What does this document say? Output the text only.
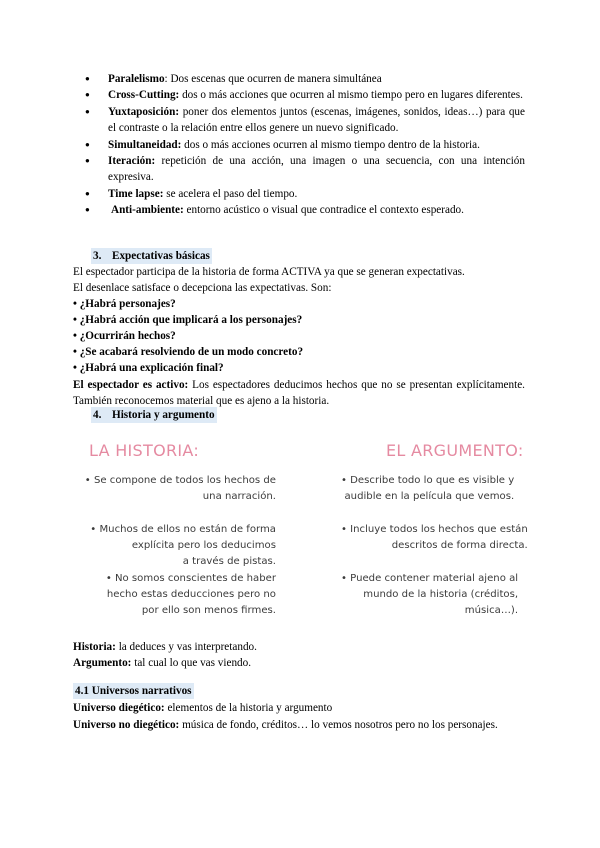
● Paralelismo: Dos escenas que ocurren de manera simultánea
● Cross-Cutting: dos o más acciones que ocurren al mismo tiempo pero en lugares diferentes.
● Yuxtaposición: poner dos elementos juntos (escenas, imágenes, sonidos, ideas…) para que el contraste o la relación entre ellos genere un nuevo significado.
● Simultaneidad: dos o más acciones ocurren al mismo tiempo dentro de la historia.
● Iteración: repetición de una acción, una imagen o una secuencia, con una intención expresiva.
● Time lapse: se acelera el paso del tiempo.
● Anti-ambiente: entorno acústico o visual que contradice el contexto esperado.
3. Expectativas básicas
El espectador participa de la historia de forma ACTIVA ya que se generan expectativas.
El desenlace satisface o decepciona las expectativas. Son:
• ¿Habrá personajes?
• ¿Habrá acción que implicará a los personajes?
• ¿Ocurrirán hechos?
• ¿Se acabará resolviendo de un modo concreto?
• ¿Habrá una explicación final?
El espectador es activo: Los espectadores deducimos hechos que no se presentan explícitamente. También reconocemos material que es ajeno a la historia.
4. Historia y argumento
LA HISTORIA:	EL ARGUMENTO:
• Se compone de todos los hechos de
una narración.
• Muchos de ellos no están de forma
explícita pero los deducimos
a través de pistas.
• No somos conscientes de haber
hecho estas deducciones pero no
por ello son menos firmes.
• Describe todo lo que es visible y
audible en la película que vemos.
• Incluye todos los hechos que están
descritos de forma directa.
• Puede contener material ajeno al
mundo de la historia (créditos,
música…).
Historia: la deduces y vas interpretando.
Argumento: tal cual lo que vas viendo.
4.1 Universos narrativos
Universo diegético: elementos de la historia y argumento
Universo no diegético: música de fondo, créditos… lo vemos nosotros pero no los personajes.
